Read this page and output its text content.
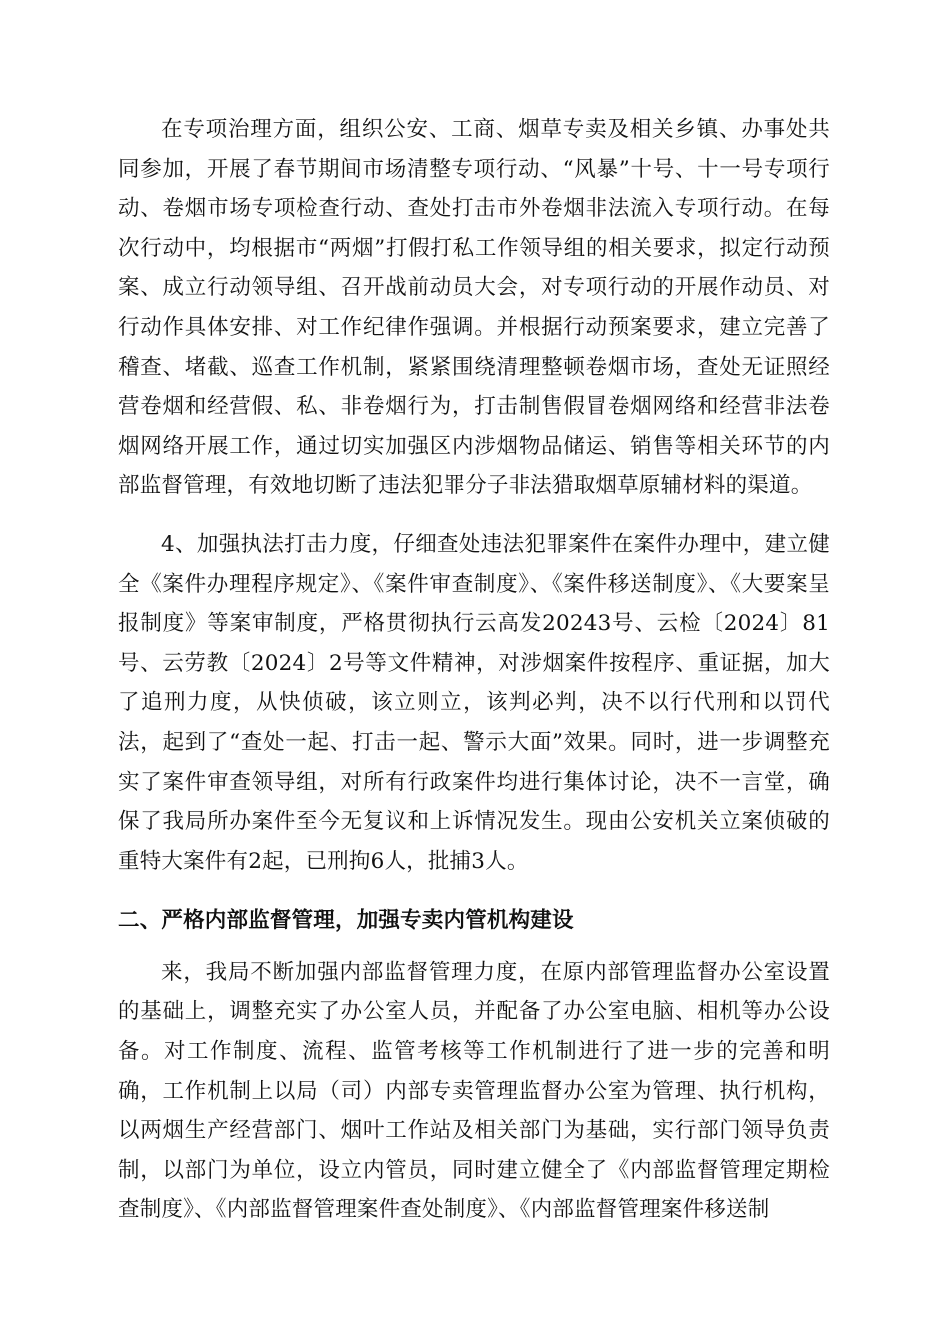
在专项治理方面，组织公安、工商、烟草专卖及相关乡镇、办事处共同参加，开展了春节期间市场清整专项行动、“风暴”十号、十一号专项行动、卷烟市场专项检查行动、查处打击市外卷烟非法流入专项行动。在每次行动中，均根据市“两烟”打假打私工作领导组的相关要求，拟定行动预案、成立行动领导组、召开战前动员大会，对专项行动的开展作动员、对行动作具体安排、对工作纪律作强调。并根据行动预案要求，建立完善了稽查、堵截、巡查工作机制，紧紧围绕清理整顿卷烟市场，查处无证照经营卷烟和经营假、私、非卷烟行为，打击制售假冒卷烟网络和经营非法卷烟网络开展工作，通过切实加强区内涉烟物品储运、销售等相关环节的内部监督管理，有效地切断了违法犯罪分子非法猎取烟草原辅材料的渠道。

4、加强执法打击力度，仔细查处违法犯罪案件在案件办理中，建立健全《案件办理程序规定》、《案件审查制度》、《案件移送制度》、《大要案呈报制度》等案审制度，严格贯彻执行云高发20243号、云检〔2024〕81号、云劳教〔2024〕2号等文件精神，对涉烟案件按程序、重证据，加大了追刑力度，从快侦破，该立则立，该判必判，决不以行代刑和以罚代法，起到了“查处一起、打击一起、警示大面”效果。同时，进一步调整充实了案件审查领导组，对所有行政案件均进行集体讨论，决不一言堂，确保了我局所办案件至今无复议和上诉情况发生。现由公安机关立案侦破的重特大案件有2起，已刑拘6人，批捕3人。

二、严格内部监督管理，加强专卖内管机构建设

来，我局不断加强内部监督管理力度，在原内部管理监督办公室设置的基础上，调整充实了办公室人员，并配备了办公室电脑、相机等办公设备。对工作制度、流程、监管考核等工作机制进行了进一步的完善和明确，工作机制上以局（司）内部专卖管理监督办公室为管理、执行机构，以两烟生产经营部门、烟叶工作站及相关部门为基础，实行部门领导负责制，以部门为单位，设立内管员，同时建立健全了《内部监督管理定期检查制度》、《内部监督管理案件查处制度》、《内部监督管理案件移送制
